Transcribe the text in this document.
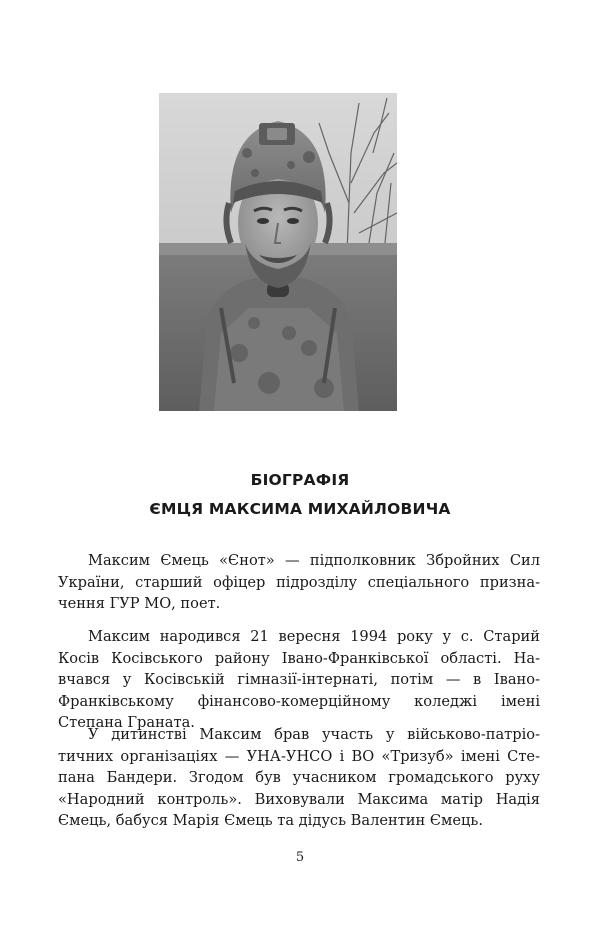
БІОГРАФІЯ
ЄМЦЯ МАКСИМА МИХАЙЛОВИЧА

Максим Ємець «Єнот» — підполковник Збройних Сил України, старший офіцер підрозділу спеціального призначення ГУР МО, поет.

Максим народився 21 вересня 1994 року у с. Старий Косів Косівського району Івано-Франківської області. Навчався у Косівській гімназії-інтернаті, потім — в Івано-Франківському фінансово-комерційному коледжі імені Степана Граната.

У дитинстві Максим брав участь у військово-патріотичних організаціях — УНА-УНСО і ВО «Тризуб» імені Степана Бандери. Згодом був учасником громадського руху «Народний контроль». Виховували Максима матір Надія Ємець, бабуся Марія Ємець та дідусь Валентин Ємець.

5
